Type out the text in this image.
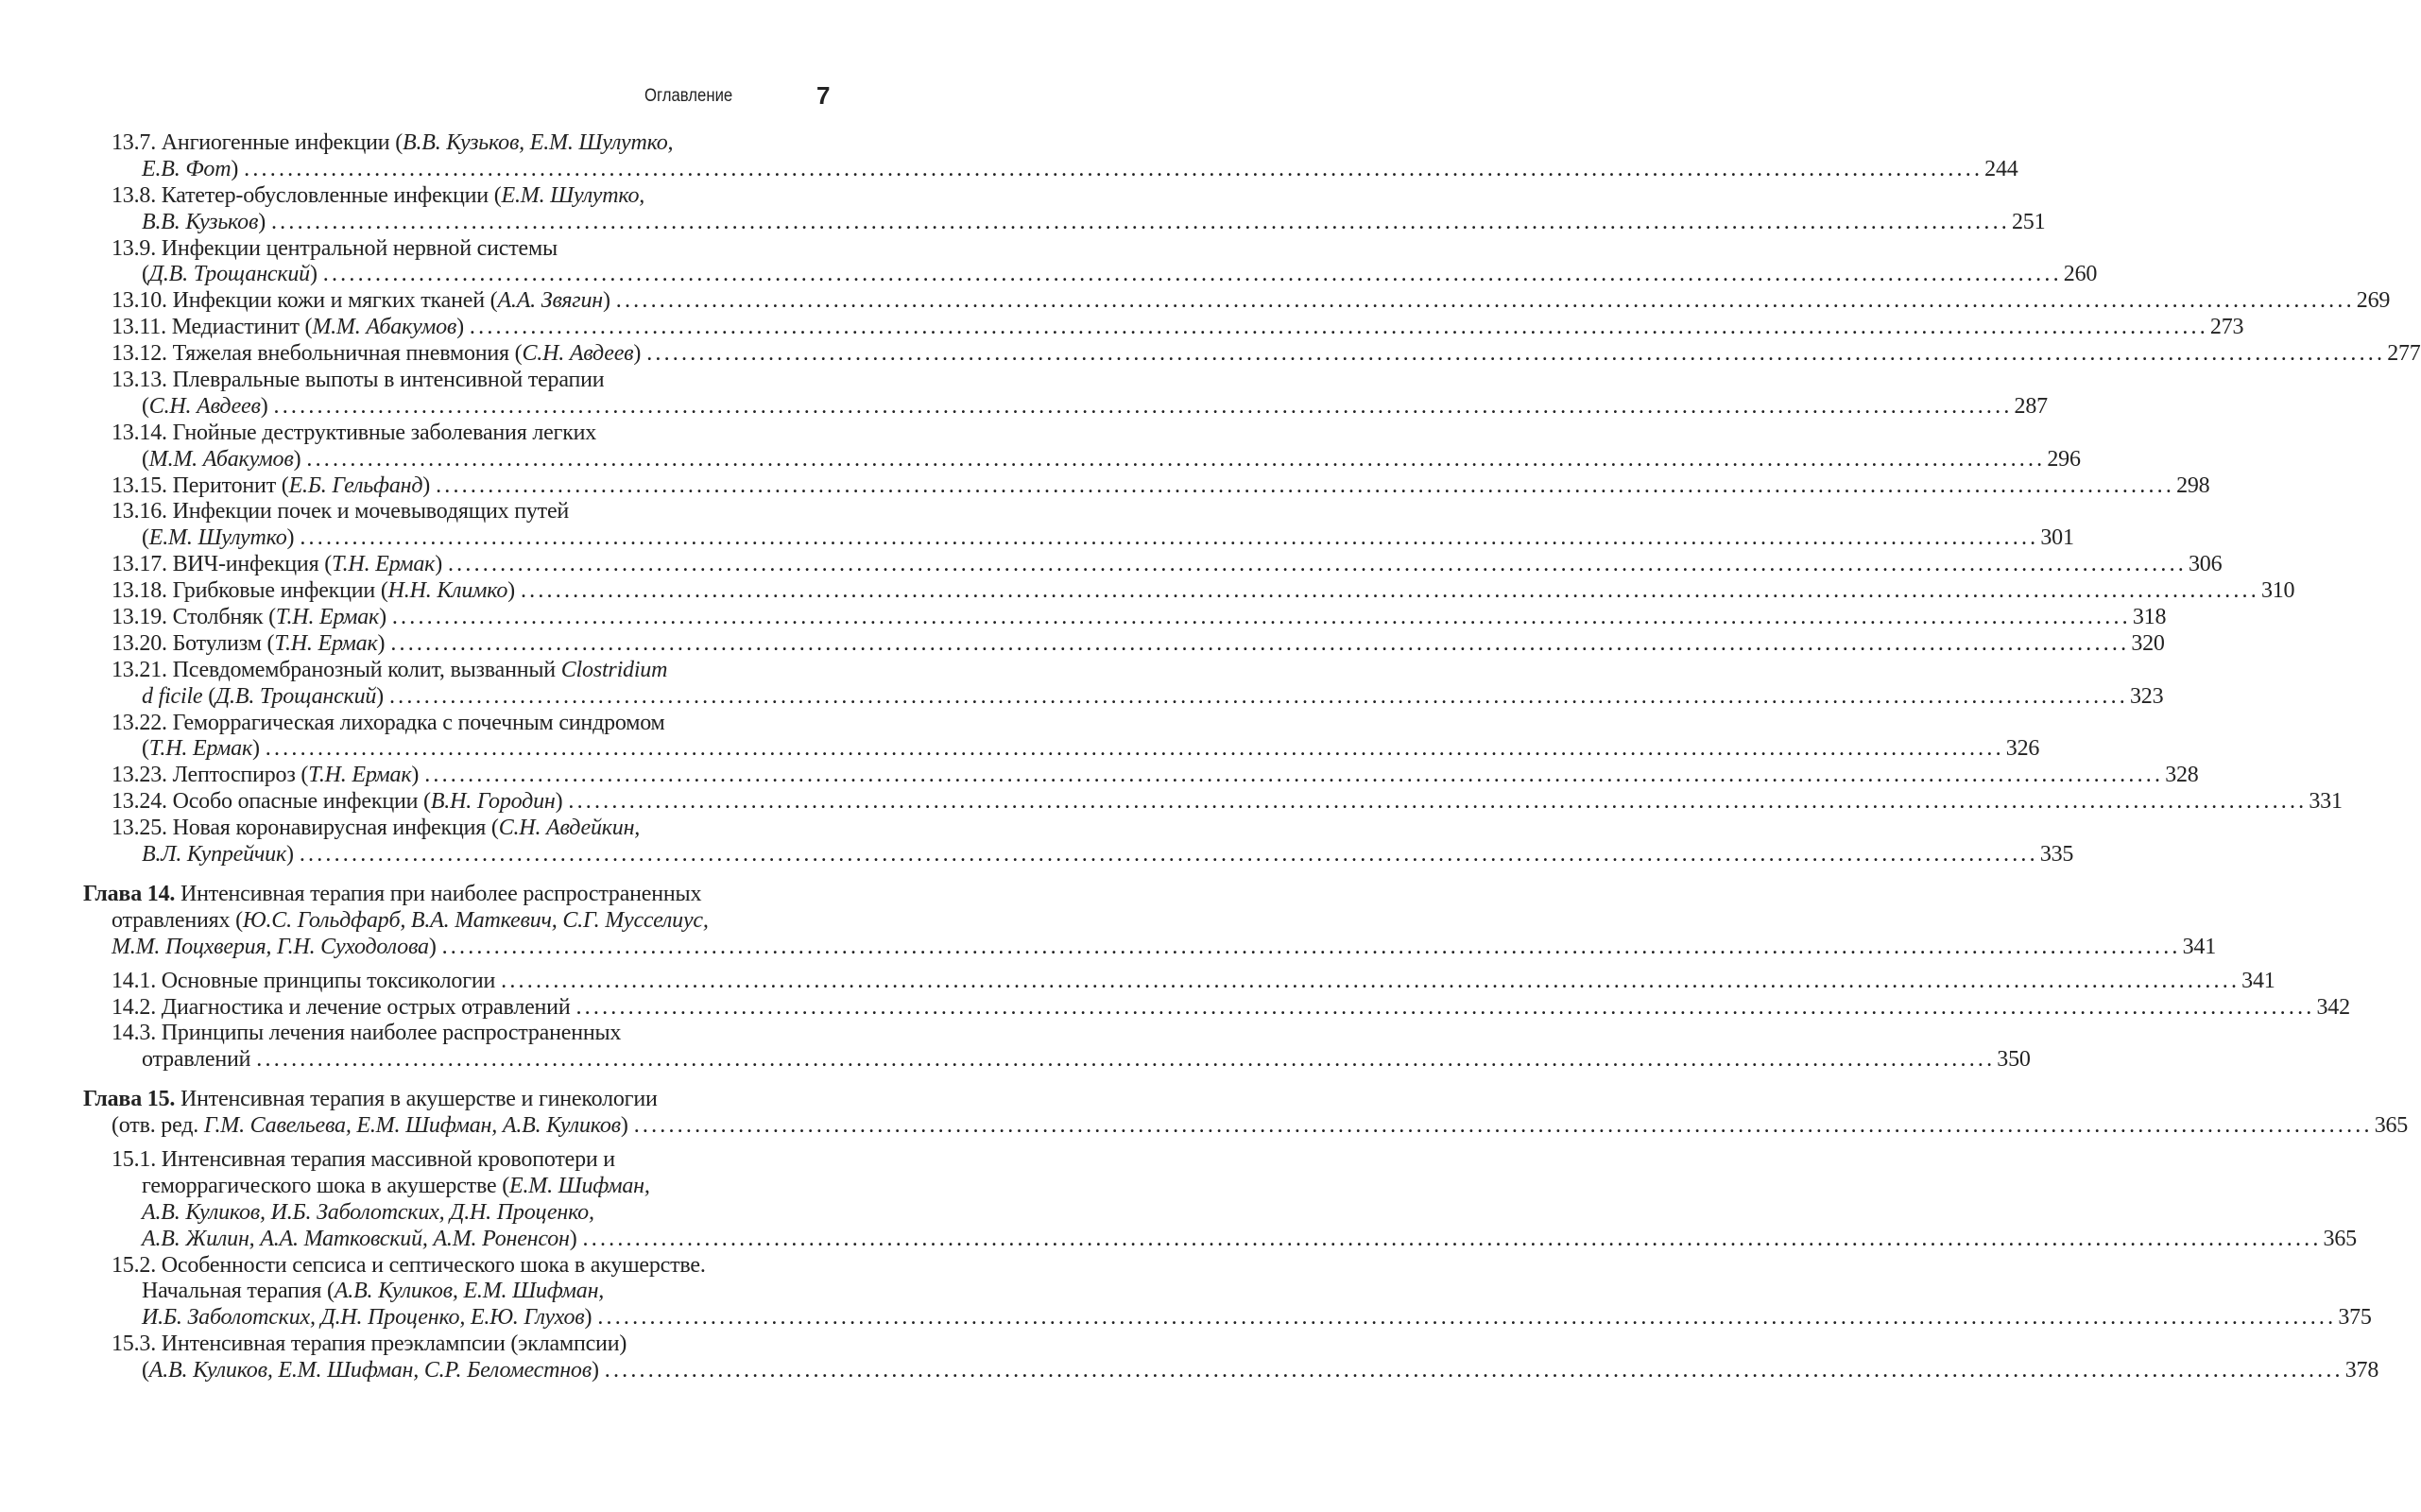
Оглавление	7
13.7. Ангиогенные инфекции (В.В. Кузьков, Е.М. Шулутко,
Е.В. Фот) ........................................................................................................................................................................................................ 244
13.8. Катетер-обусловленные инфекции (Е.М. Шулутко,
В.В. Кузьков) ........................................................................................................................................................................................................ 251
13.9. Инфекции центральной нервной системы
(Д.В. Трощанский) ........................................................................................................................................................................................................ 260
13.10. Инфекции кожи и мягких тканей (А.А. Звягин) ........................................................................................................................................................................................................ 269
13.11. Медиастинит (М.М. Абакумов) ........................................................................................................................................................................................................ 273
13.12. Тяжелая внебольничная пневмония (С.Н. Авдеев) ........................................................................................................................................................................................................ 277
13.13. Плевральные выпоты в интенсивной терапии
(С.Н. Авдеев) ........................................................................................................................................................................................................ 287
13.14. Гнойные деструктивные заболевания легких
(М.М. Абакумов) ........................................................................................................................................................................................................ 296
13.15. Перитонит (Е.Б. Гельфанд) ........................................................................................................................................................................................................ 298
13.16. Инфекции почек и мочевыводящих путей
(Е.М. Шулутко) ........................................................................................................................................................................................................ 301
13.17. ВИЧ-инфекция (Т.Н. Ермак) ........................................................................................................................................................................................................ 306
13.18. Грибковые инфекции (Н.Н. Климко) ........................................................................................................................................................................................................ 310
13.19. Столбняк (Т.Н. Ермак) ........................................................................................................................................................................................................ 318
13.20. Ботулизм (Т.Н. Ермак) ........................................................................................................................................................................................................ 320
13.21. Псевдомембранозный колит, вызванный Clostridium
d ficile (Д.В. Трощанский) ........................................................................................................................................................................................................ 323
13.22. Геморрагическая лихорадка с почечным синдромом
(Т.Н. Ермак) ........................................................................................................................................................................................................ 326
13.23. Лептоспироз (Т.Н. Ермак) ........................................................................................................................................................................................................ 328
13.24. Особо опасные инфекции (В.Н. Городин) ........................................................................................................................................................................................................ 331
13.25. Новая коронавирусная инфекция (С.Н. Авдейкин,
В.Л. Купрейчик) ........................................................................................................................................................................................................ 335
Глава 14. Интенсивная терапия при наиболее распространенных
отравлениях (Ю.С. Гольдфарб, В.А. Маткевич, С.Г. Мусселиус,
М.М. Поцхверия, Г.Н. Суходолова) ........................................................................................................................................................................................................ 341
14.1. Основные принципы токсикологии ........................................................................................................................................................................................................ 341
14.2. Диагностика и лечение острых отравлений ........................................................................................................................................................................................................ 342
14.3. Принципы лечения наиболее распространенных
отравлений ........................................................................................................................................................................................................ 350
Глава 15. Интенсивная терапия в акушерстве и гинекологии
(отв. ред. Г.М. Савельева, Е.М. Шифман, А.В. Куликов) ........................................................................................................................................................................................................ 365
15.1. Интенсивная терапия массивной кровопотери и
геморрагического шока в акушерстве (Е.М. Шифман,
А.В. Куликов, И.Б. Заболотских, Д.Н. Проценко,
А.В. Жилин, А.А. Матковский, А.М. Роненсон) ........................................................................................................................................................................................................ 365
15.2. Особенности сепсиса и септического шока в акушерстве.
Начальная терапия (А.В. Куликов, Е.М. Шифман,
И.Б. Заболотских, Д.Н. Проценко, Е.Ю. Глухов) ........................................................................................................................................................................................................ 375
15.3. Интенсивная терапия преэклампсии (эклампсии)
(А.В. Куликов, Е.М. Шифман, С.Р. Беломестнов) ........................................................................................................................................................................................................ 378
